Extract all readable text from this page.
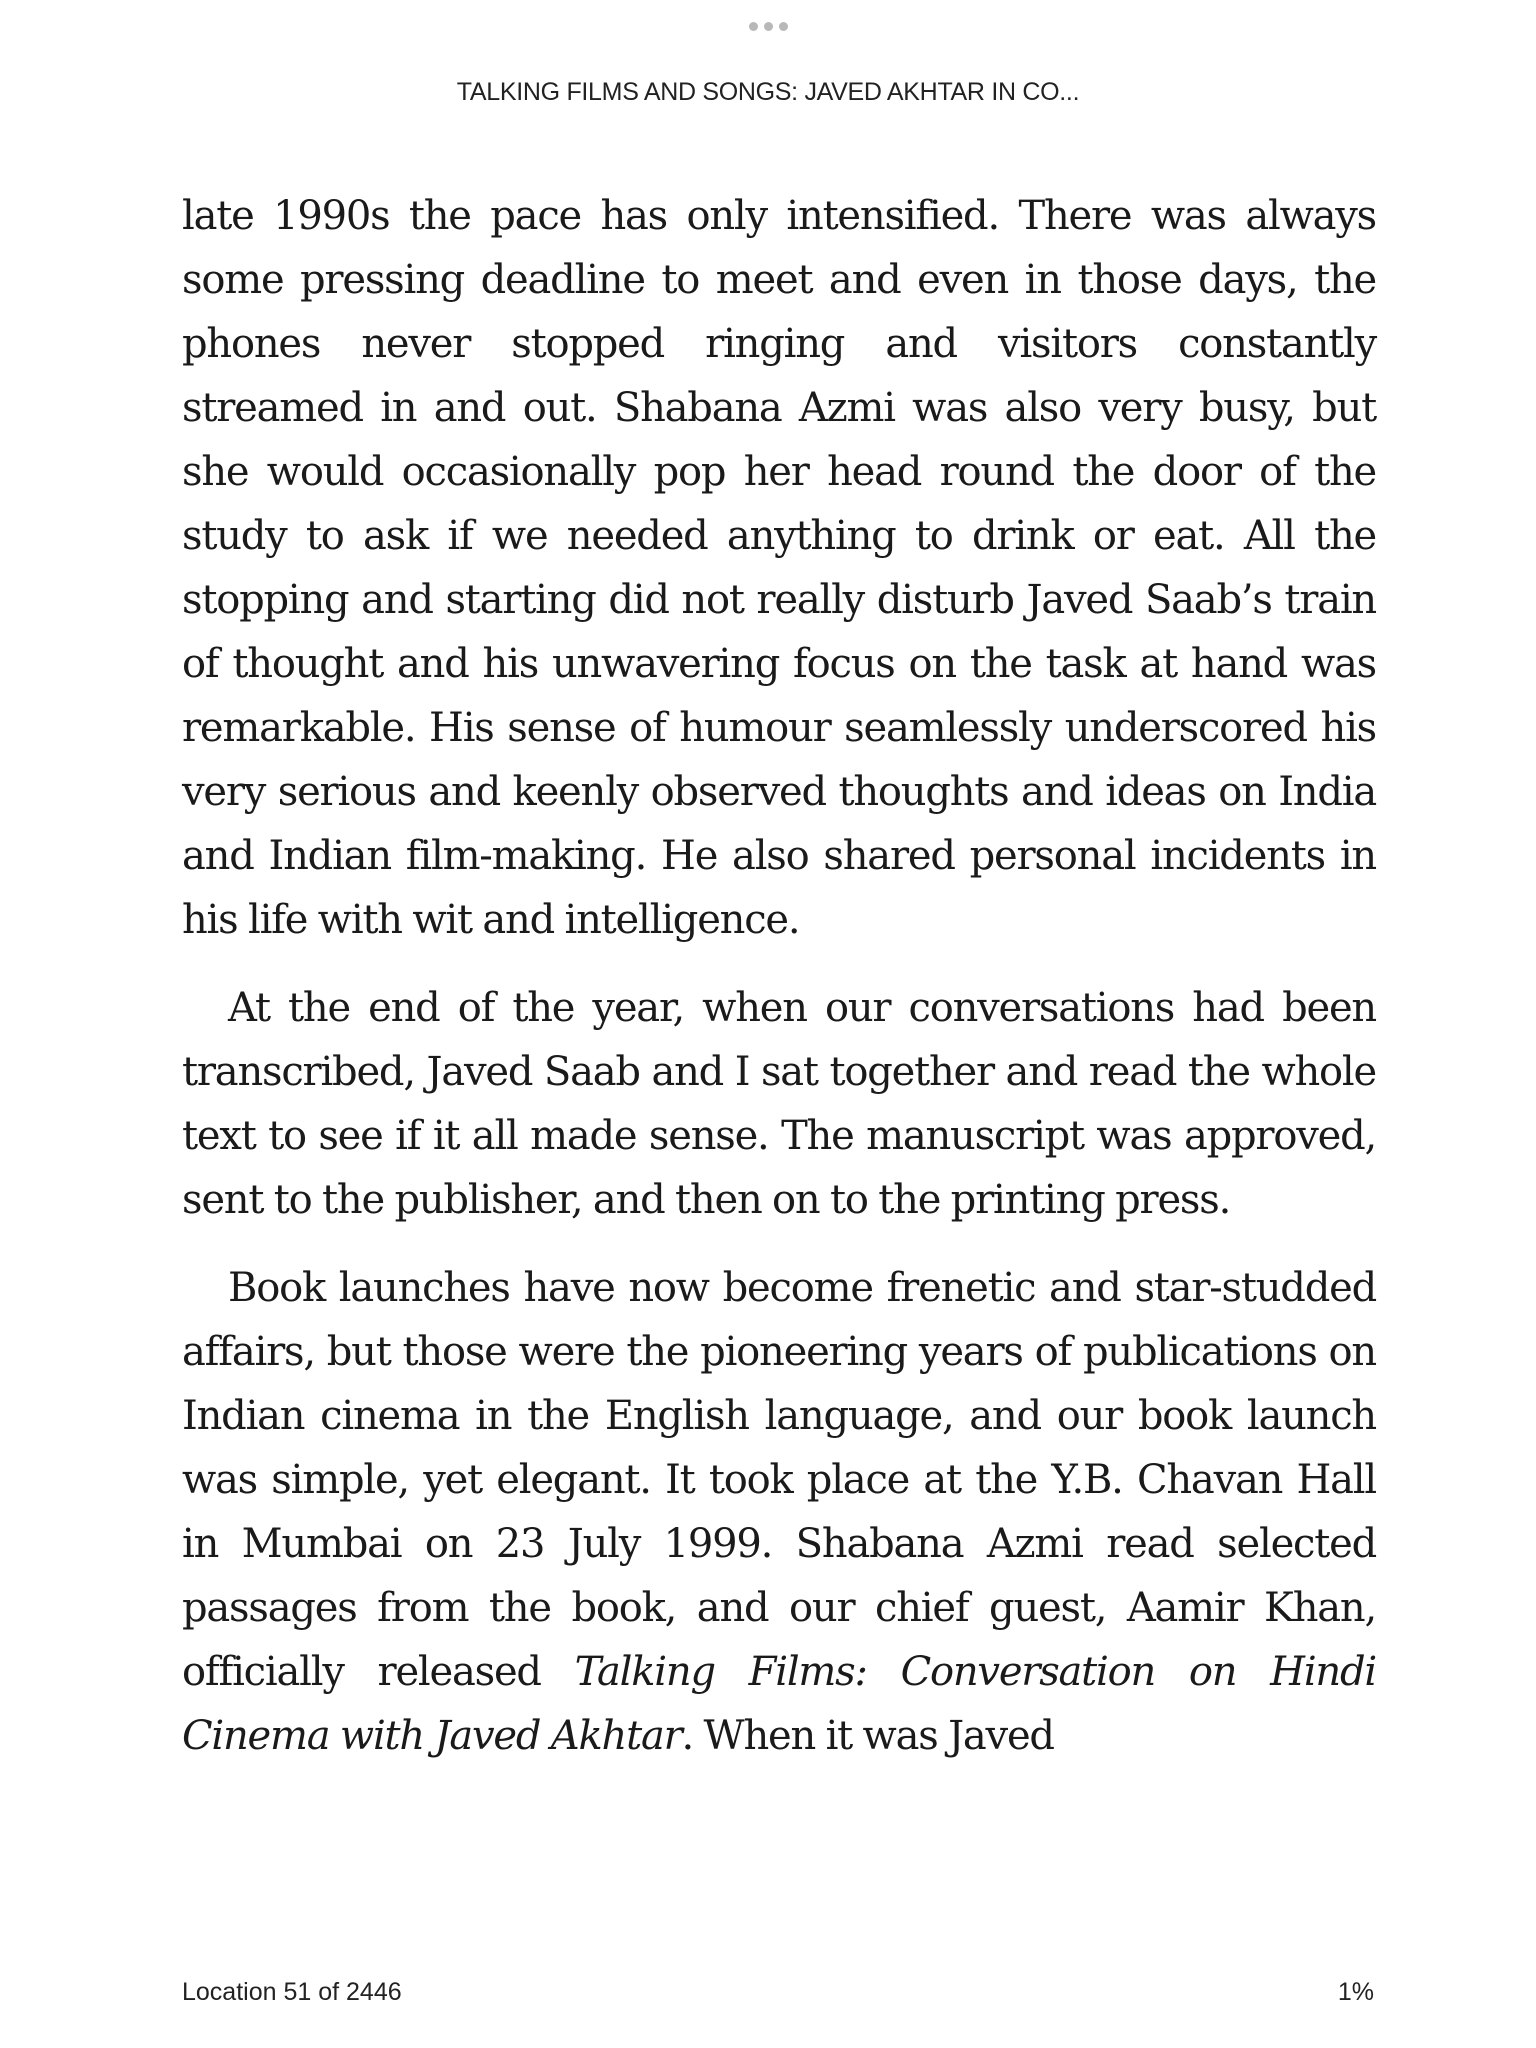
TALKING FILMS AND SONGS: JAVED AKHTAR IN CO...

late 1990s the pace has only intensified. There was always some pressing deadline to meet and even in those days, the phones never stopped ringing and visitors constantly streamed in and out. Shabana Azmi was also very busy, but she would occasionally pop her head round the door of the study to ask if we needed anything to drink or eat. All the stopping and starting did not really disturb Javed Saab’s train of thought and his unwavering focus on the task at hand was remarkable. His sense of humour seamlessly underscored his very serious and keenly observed thoughts and ideas on India and Indian film-making. He also shared personal incidents in his life with wit and intelligence.

At the end of the year, when our conversations had been transcribed, Javed Saab and I sat together and read the whole text to see if it all made sense. The manuscript was approved, sent to the publisher, and then on to the printing press.

Book launches have now become frenetic and star-studded affairs, but those were the pioneering years of publications on Indian cinema in the English language, and our book launch was simple, yet elegant. It took place at the Y.B. Chavan Hall in Mumbai on 23 July 1999. Shabana Azmi read selected passages from the book, and our chief guest, Aamir Khan, officially released Talking Films: Conversation on Hindi Cinema with Javed Akhtar. When it was Javed

Location 51 of 2446	1%
